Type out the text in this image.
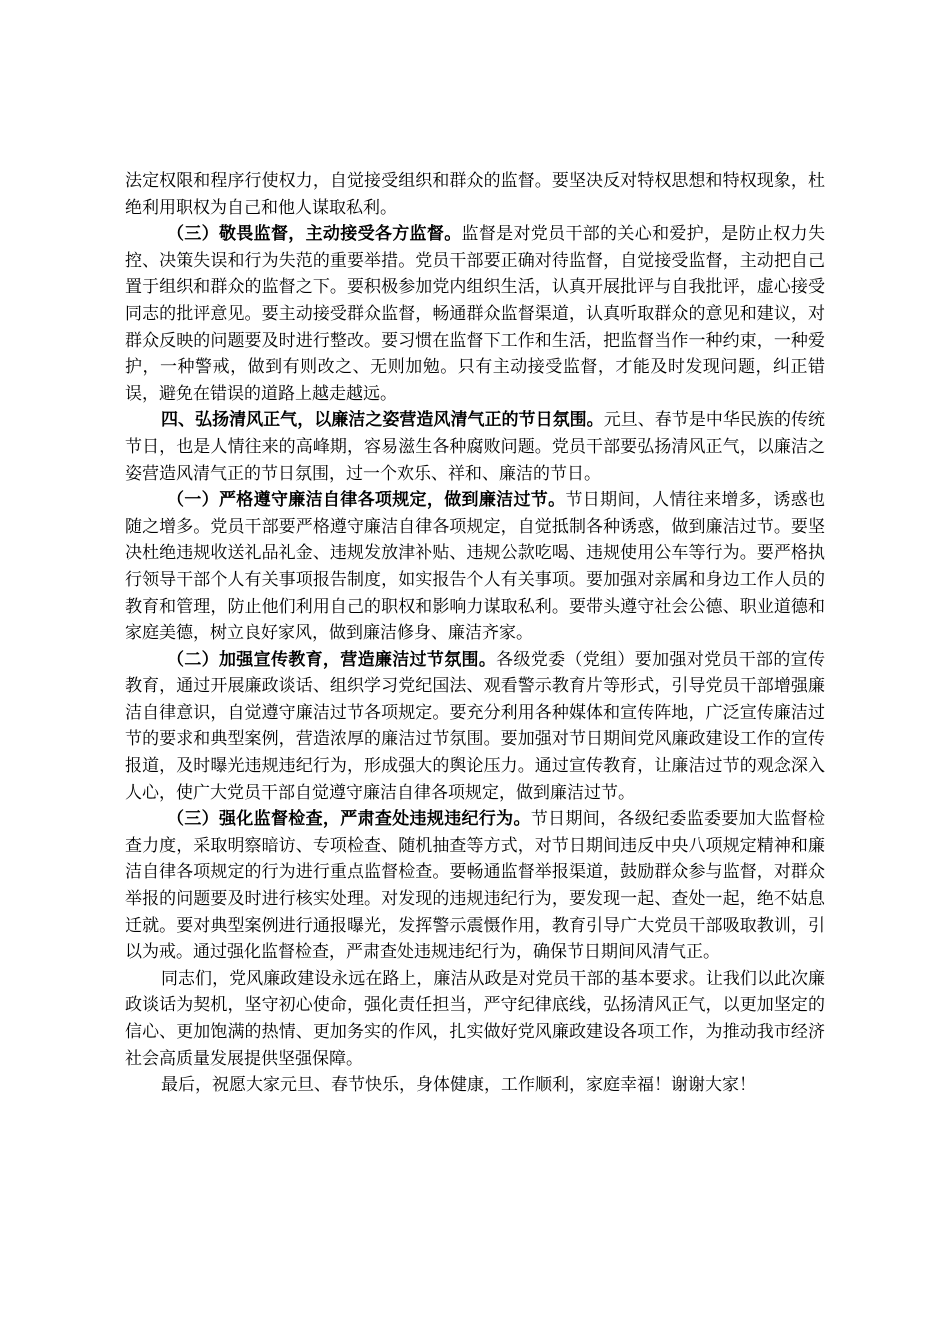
法定权限和程序行使权力，自觉接受组织和群众的监督。要坚决反对特权思想和特权现象，杜绝利用职权为自己和他人谋取私利。

（三）敬畏监督，主动接受各方监督。监督是对党员干部的关心和爱护，是防止权力失控、决策失误和行为失范的重要举措。党员干部要正确对待监督，自觉接受监督，主动把自己置于组织和群众的监督之下。要积极参加党内组织生活，认真开展批评与自我批评，虚心接受同志的批评意见。要主动接受群众监督，畅通群众监督渠道，认真听取群众的意见和建议，对群众反映的问题要及时进行整改。要习惯在监督下工作和生活，把监督当作一种约束，一种爱护，一种警戒，做到有则改之、无则加勉。只有主动接受监督，才能及时发现问题，纠正错误，避免在错误的道路上越走越远。

四、弘扬清风正气，以廉洁之姿营造风清气正的节日氛围。元旦、春节是中华民族的传统节日，也是人情往来的高峰期，容易滋生各种腐败问题。党员干部要弘扬清风正气，以廉洁之姿营造风清气正的节日氛围，过一个欢乐、祥和、廉洁的节日。

（一）严格遵守廉洁自律各项规定，做到廉洁过节。节日期间，人情往来增多，诱惑也随之增多。党员干部要严格遵守廉洁自律各项规定，自觉抵制各种诱惑，做到廉洁过节。要坚决杜绝违规收送礼品礼金、违规发放津补贴、违规公款吃喝、违规使用公车等行为。要严格执行领导干部个人有关事项报告制度，如实报告个人有关事项。要加强对亲属和身边工作人员的教育和管理，防止他们利用自己的职权和影响力谋取私利。要带头遵守社会公德、职业道德和家庭美德，树立良好家风，做到廉洁修身、廉洁齐家。

（二）加强宣传教育，营造廉洁过节氛围。各级党委（党组）要加强对党员干部的宣传教育，通过开展廉政谈话、组织学习党纪国法、观看警示教育片等形式，引导党员干部增强廉洁自律意识，自觉遵守廉洁过节各项规定。要充分利用各种媒体和宣传阵地，广泛宣传廉洁过节的要求和典型案例，营造浓厚的廉洁过节氛围。要加强对节日期间党风廉政建设工作的宣传报道，及时曝光违规违纪行为，形成强大的舆论压力。通过宣传教育，让廉洁过节的观念深入人心，使广大党员干部自觉遵守廉洁自律各项规定，做到廉洁过节。

（三）强化监督检查，严肃查处违规违纪行为。节日期间，各级纪委监委要加大监督检查力度，采取明察暗访、专项检查、随机抽查等方式，对节日期间违反中央八项规定精神和廉洁自律各项规定的行为进行重点监督检查。要畅通监督举报渠道，鼓励群众参与监督，对群众举报的问题要及时进行核实处理。对发现的违规违纪行为，要发现一起、查处一起，绝不姑息迁就。要对典型案例进行通报曝光，发挥警示震慑作用，教育引导广大党员干部吸取教训，引以为戒。通过强化监督检查，严肃查处违规违纪行为，确保节日期间风清气正。

同志们，党风廉政建设永远在路上，廉洁从政是对党员干部的基本要求。让我们以此次廉政谈话为契机，坚守初心使命，强化责任担当，严守纪律底线，弘扬清风正气，以更加坚定的信心、更加饱满的热情、更加务实的作风，扎实做好党风廉政建设各项工作，为推动我市经济社会高质量发展提供坚强保障。

最后，祝愿大家元旦、春节快乐，身体健康，工作顺利，家庭幸福！谢谢大家！
